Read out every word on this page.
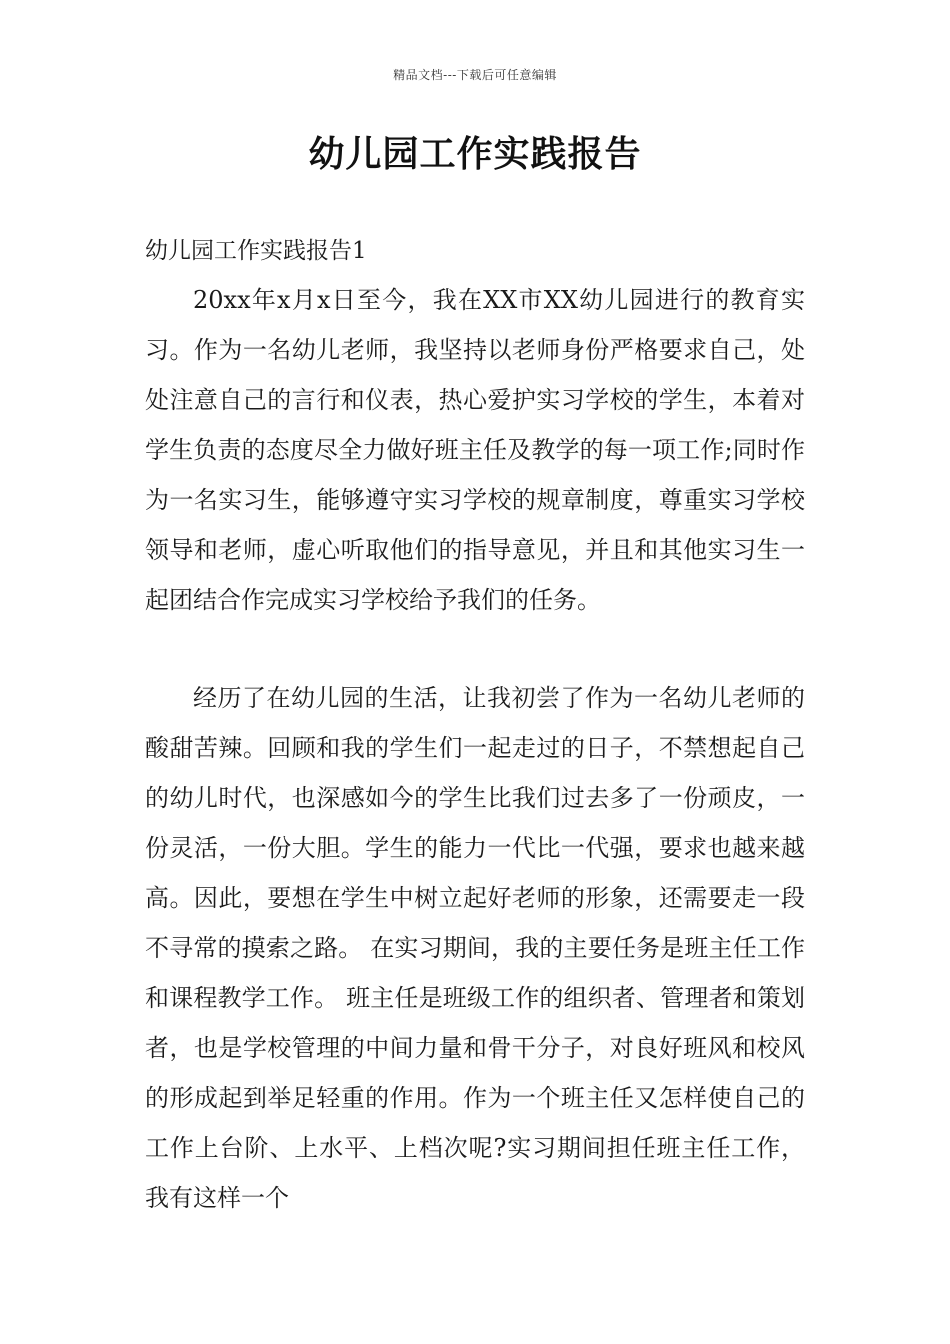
精品文档---下载后可任意编辑
幼儿园工作实践报告
幼儿园工作实践报告1

20xx年x月x日至今，我在XX市XX幼儿园进行的教育实习。作为一名幼儿老师，我坚持以老师身份严格要求自己，处处注意自己的言行和仪表，热心爱护实习学校的学生，本着对学生负责的态度尽全力做好班主任及教学的每一项工作;同时作为一名实习生，能够遵守实习学校的规章制度，尊重实习学校领导和老师，虚心听取他们的指导意见，并且和其他实习生一起团结合作完成实习学校给予我们的任务。

经历了在幼儿园的生活，让我初尝了作为一名幼儿老师的酸甜苦辣。回顾和我的学生们一起走过的日子，不禁想起自己的幼儿时代，也深感如今的学生比我们过去多了一份顽皮，一份灵活，一份大胆。学生的能力一代比一代强，要求也越来越高。因此，要想在学生中树立起好老师的形象，还需要走一段不寻常的摸索之路。 在实习期间，我的主要任务是班主任工作和课程教学工作。 班主任是班级工作的组织者、管理者和策划者，也是学校管理的中间力量和骨干分子，对良好班风和校风的形成起到举足轻重的作用。作为一个班主任又怎样使自己的工作上台阶、上水平、上档次呢?实习期间担任班主任工作，我有这样一个
